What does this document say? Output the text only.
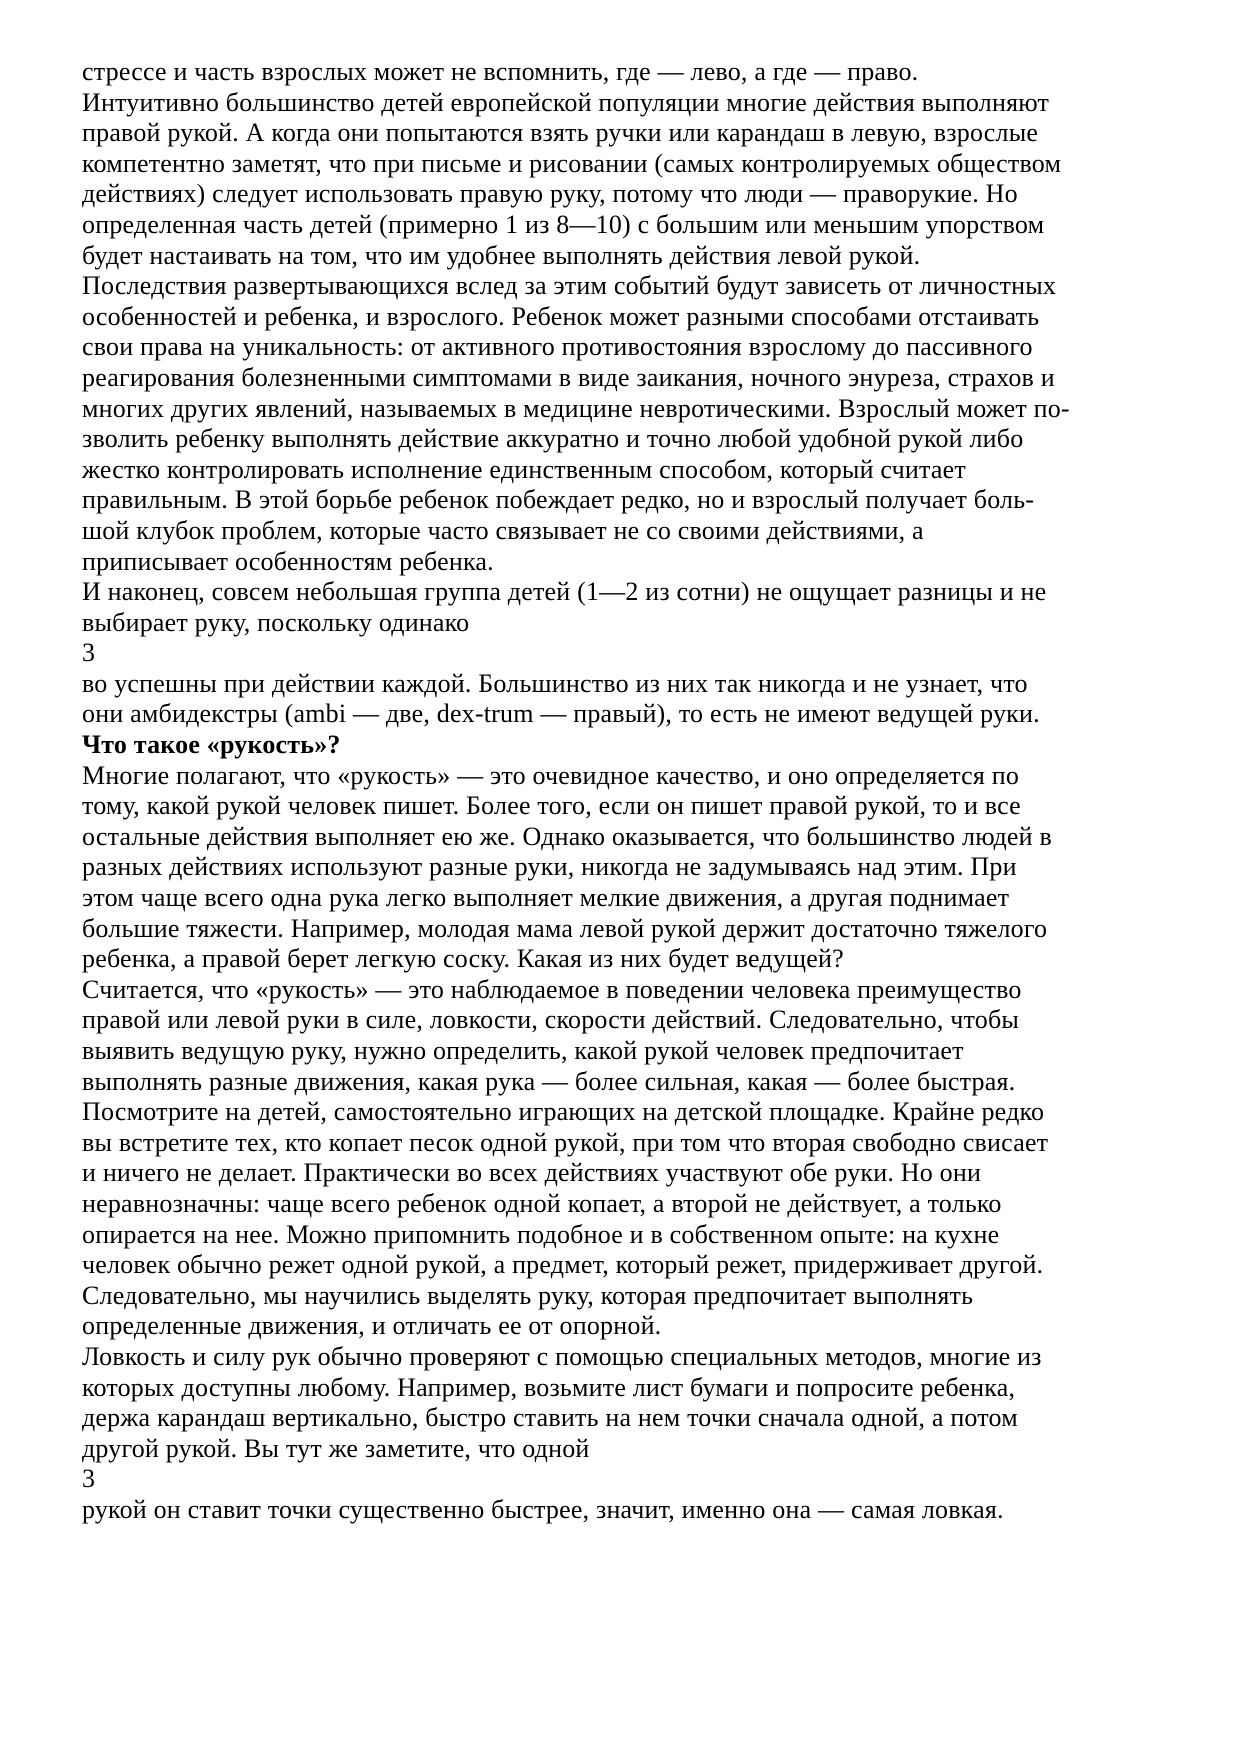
стрессе и часть взрослых может не вспомнить, где — лево, а где — право.
Интуитивно большинство детей европейской популяции многие действия выполняют
правой рукой. А когда они попытаются взять ручки или карандаш в левую, взрослые
компетентно заметят, что при письме и рисовании (самых контролируемых обществом
действиях) следует использовать правую руку, потому что люди — праворукие. Но
определенная часть детей (примерно 1 из 8—10) с большим или меньшим упорством
будет настаивать на том, что им удобнее выполнять действия левой рукой.
Последствия развертывающихся вслед за этим событий будут зависеть от личностных
особенностей и ребенка, и взрослого. Ребенок может разными способами отстаивать
свои права на уникальность: от активного противостояния взрослому до пассивного
реагирования болезненными симптомами в виде заикания, ночного энуреза, страхов и
многих других явлений, называемых в медицине невротическими. Взрослый может по-
зволить ребенку выполнять действие аккуратно и точно любой удобной рукой либо
жестко контролировать исполнение единственным способом, который считает
правильным. В этой борьбе ребенок побеждает редко, но и взрослый получает боль-
шой клубок проблем, которые часто связывает не со своими действиями, а
приписывает особенностям ребенка.
И наконец, совсем небольшая группа детей (1—2 из сотни) не ощущает разницы и не
выбирает руку, поскольку одинако
3
во успешны при действии каждой. Большинство из них так никогда и не узнает, что
они амбидекстры (ambi — две, dex-trum — правый), то есть не имеют ведущей руки.
Что такое «рукость»?
Многие полагают, что «рукость» — это очевидное качество, и оно определяется по
тому, какой рукой человек пишет. Более того, если он пишет правой рукой, то и все
остальные действия выполняет ею же. Однако оказывается, что большинство людей в
разных действиях используют разные руки, никогда не задумываясь над этим. При
этом чаще всего одна рука легко выполняет мелкие движения, а другая поднимает
большие тяжести. Например, молодая мама левой рукой держит достаточно тяжелого
ребенка, а правой берет легкую соску. Какая из них будет ведущей?
Считается, что «рукость» — это наблюдаемое в поведении человека преимущество
правой или левой руки в силе, ловкости, скорости действий. Следовательно, чтобы
выявить ведущую руку, нужно определить, какой рукой человек предпочитает
выполнять разные движения, какая рука — более сильная, какая — более быстрая.
Посмотрите на детей, самостоятельно играющих на детской площадке. Крайне редко
вы встретите тех, кто копает песок одной рукой, при том что вторая свободно свисает
и ничего не делает. Практически во всех действиях участвуют обе руки. Но они
неравнозначны: чаще всего ребенок одной копает, а второй не действует, а только
опирается на нее. Можно припомнить подобное и в собственном опыте: на кухне
человек обычно режет одной рукой, а предмет, который режет, придерживает другой.
Следовательно, мы научились выделять руку, которая предпочитает выполнять
определенные движения, и отличать ее от опорной.
Ловкость и силу рук обычно проверяют с помощью специальных методов, многие из
которых доступны любому. Например, возьмите лист бумаги и попросите ребенка,
держа карандаш вертикально, быстро ставить на нем точки сначала одной, а потом
другой рукой. Вы тут же заметите, что одной
3
рукой он ставит точки существенно быстрее, значит, именно она — самая ловкая.
